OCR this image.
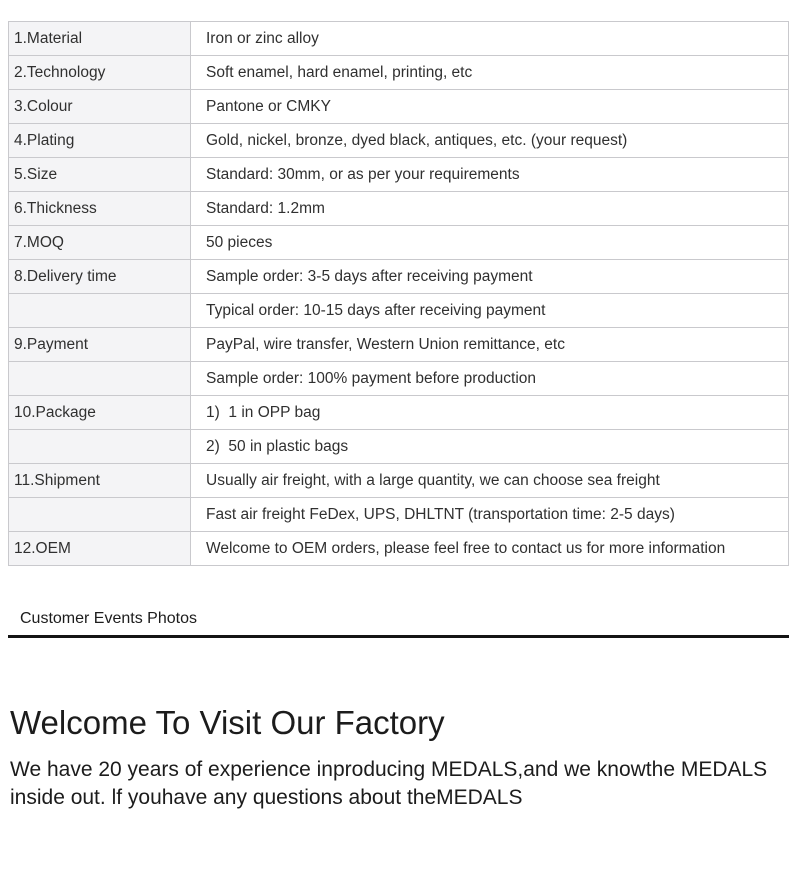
1.Material	Iron or zinc alloy
2.Technology	Soft enamel, hard enamel, printing, etc
3.Colour	Pantone or CMKY
4.Plating	Gold, nickel, bronze, dyed black, antiques, etc. (your request)
5.Size	Standard: 30mm, or as per your requirements
6.Thickness	Standard: 1.2mm
7.MOQ	50 pieces
8.Delivery time	Sample order: 3-5 days after receiving payment
	Typical order: 10-15 days after receiving payment
9.Payment	PayPal, wire transfer, Western Union remittance, etc
	Sample order: 100% payment before production
10.Package	1)  1 in OPP bag
	2)  50 in plastic bags
11.Shipment	Usually air freight, with a large quantity, we can choose sea freight
	Fast air freight FeDex, UPS, DHLTNT (transportation time: 2-5 days)
12.OEM	Welcome to OEM orders, please feel free to contact us for more information
Customer Events Photos
Welcome To Visit Our Factory
We have 20 years of experience inproducing MEDALS,and we knowthe MEDALS inside out. lf youhave any questions about theMEDALS
